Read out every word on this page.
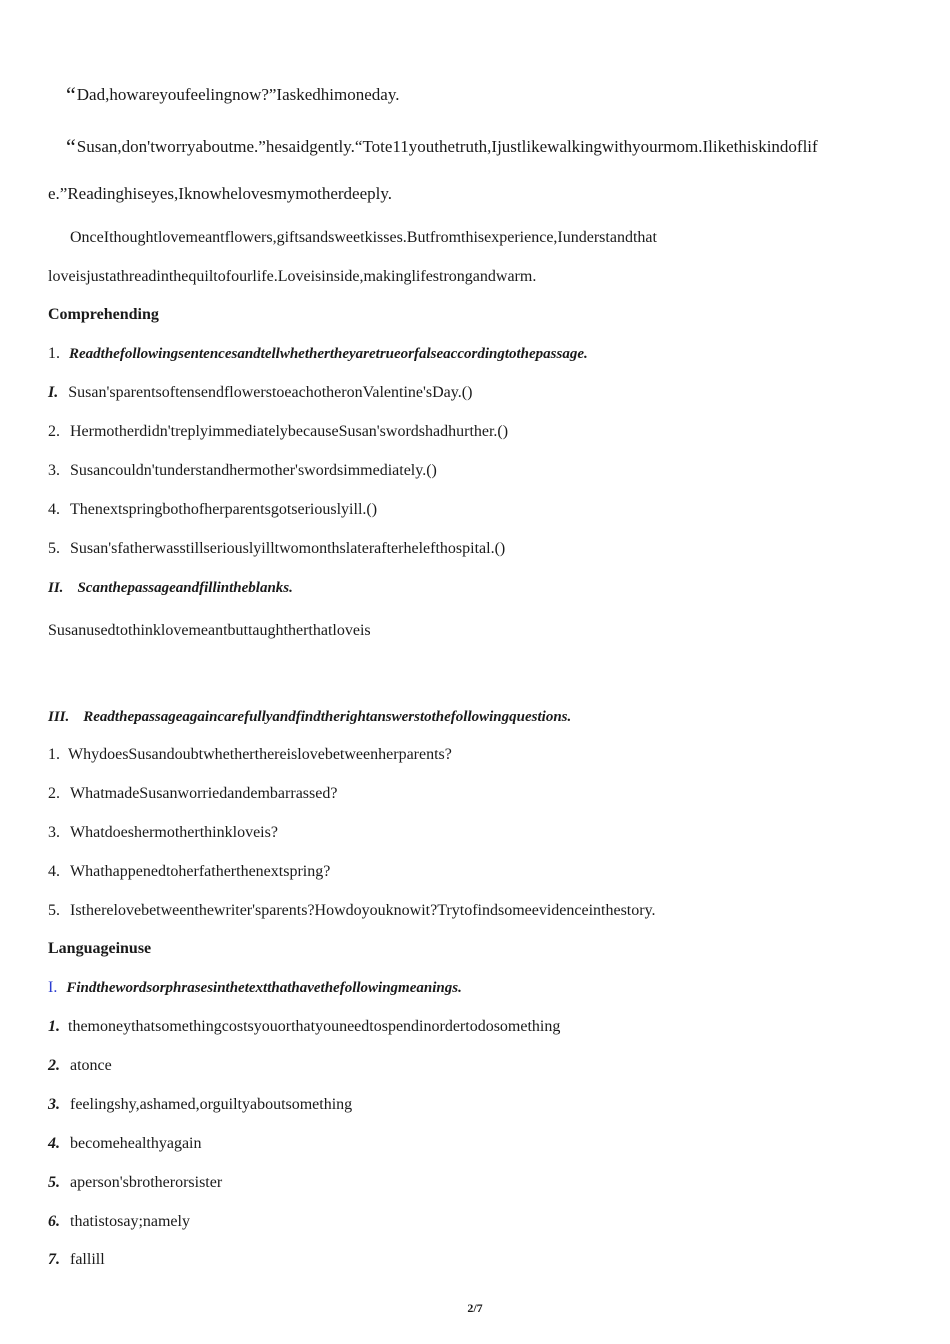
“Dad,howareyoufeelingnow?”Iaskedhimoneday.
“Susan,don'tworryaboutme.”hesaidgently.“Tote11youthetruth,Ijustlikewalkingwithyourmom.Ilikethiskindoflif
e.”Readinghiseyes,Iknowhelovesmymotherdeeply.
OnceIthoughtlovemeantflowers,giftsandsweetkisses.Butfromthisexperience,Iunderstandthat
loveisjustathreadinthequiltofourlife.Loveisinside,makinglifestrongandwarm.
Comprehending
1. Readthefollowingsentencesandtellwhethertheyaretrueorfalseaccordingtothepassage.
I. Susan'sparentsoftensendflowerstoeachotheronValentine'sDay.()
2. Hermotherdidn'treplyimmediatelybecauseSusan'swordshadhurther.()
3. Susancouldn'tunderstandhermother'swordsimmediately.()
4. Thenextspringbothofherparentsgotseriouslyill.()
5. Susan'sfatherwasstillseriouslyilltwomonthslaterafterhelefthospital.()
II. Scanthepassageandfillintheblanks.
Susanusedtothinklovemeantbuttaughtherthatloveis
III. Readthepassageagaincarefullyandfindtherightanswerstothefollowingquestions.
1. WhydoesSusandoubtwhetherthereislovebetweenherparents?
2. WhatmadeSusanworriedandembarrassed?
3. Whatdoeshermotherthinkloveis?
4. Whathappenedtoherfatherthenextspring?
5. Istherelovebetweenthewriter'sparents?Howdoyouknowit?Trytofindsomeevidenceinthestory.
Languageinuse
I. Findthewordsorphrasesinthetextthathavethefollowingmeanings.
1. themoneythatsomethingcostsyouorthatyouneedtospendinordertodosomething
2. atonce
3. feelingshy,ashamed,orguiltyaboutsomething
4. becomehealthyagain
5. aperson'sbrotherorsister
6. thatistosay;namely
7. fallill
2/7
